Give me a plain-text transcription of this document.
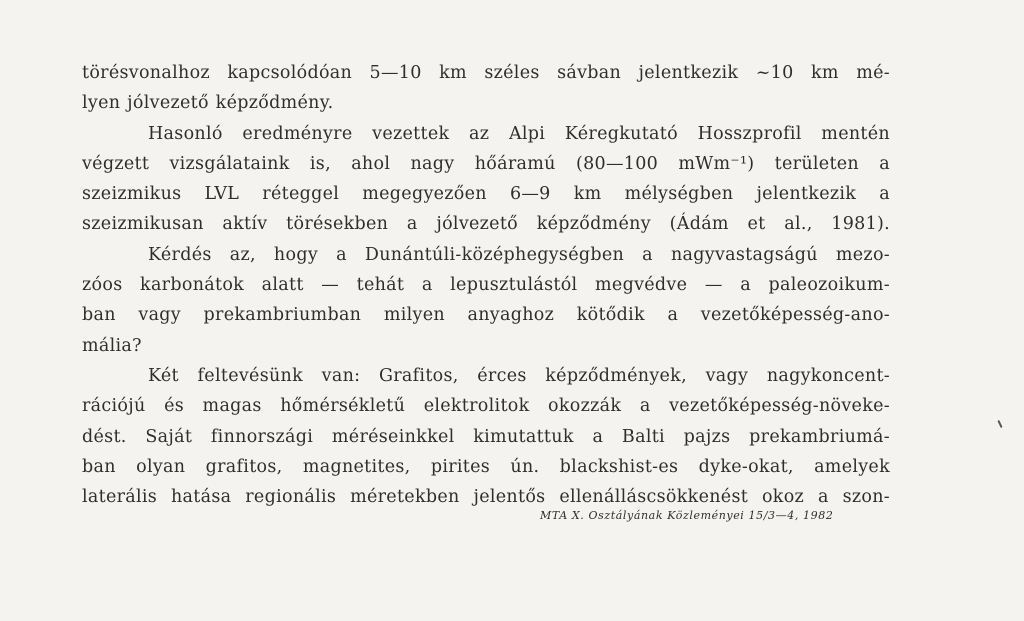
törésvonalhoz kapcsolódóan 5—10 km széles sávban jelentkezik ~10 km mé-
lyen jólvezető képződmény.
Hasonló eredményre vezettek az Alpi Kéregkutató Hosszprofil mentén
végzett vizsgálataink is, ahol nagy hőáramú (80—100 mWm⁻¹) területen a
szeizmikus LVL réteggel megegyezően 6—9 km mélységben jelentkezik a
szeizmikusan aktív törésekben a jólvezető képződmény (Ádám et al., 1981).
Kérdés az, hogy a Dunántúli-középhegységben a nagyvastagságú mezo-
zóos karbonátok alatt — tehát a lepusztulástól megvédve — a paleozoikum-
ban vagy prekambriumban milyen anyaghoz kötődik a vezetőképesség-ano-
mália?
Két feltevésünk van: Grafitos, érces képződmények, vagy nagykoncent-
rációjú és magas hőmérsékletű elektrolitok okozzák a vezetőképesség-növeke-
dést. Saját finnországi méréseinkkel kimutattuk a Balti pajzs prekambriumá-
ban olyan grafitos, magnetites, pirites ún. blackshist-es dyke-okat, amelyek
laterális hatása regionális méretekben jelentős ellenálláscsökkenést okoz a szon-
MTA X. Osztályának Közleményei 15/3—4, 1982
